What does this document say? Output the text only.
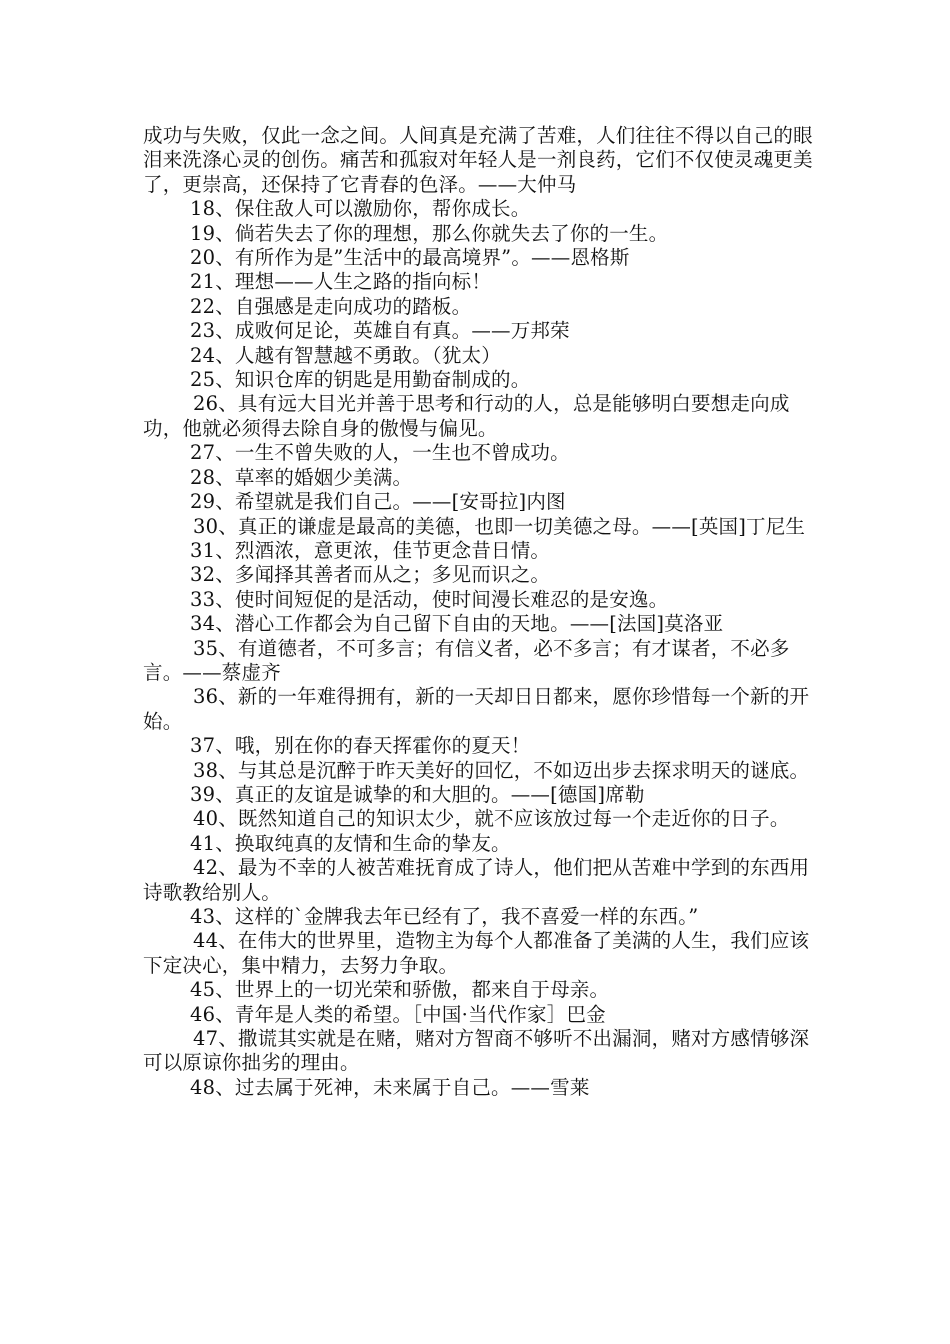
成功与失败，仅此一念之间。人间真是充满了苦难，人们往往不得以自己的眼泪来洗涤心灵的创伤。痛苦和孤寂对年轻人是一剂良药，它们不仅使灵魂更美了，更崇高，还保持了它青春的色泽。——大仲马

18、保住敌人可以激励你，帮你成长。

19、倘若失去了你的理想，那么你就失去了你的一生。

20、有所作为是”生活中的最高境界”。——恩格斯

21、理想——人生之路的指向标！

22、自强感是走向成功的踏板。

23、成败何足论，英雄自有真。——万邦荣

24、人越有智慧越不勇敢。（犹太）

25、知识仓库的钥匙是用勤奋制成的。

26、具有远大目光并善于思考和行动的人，总是能够明白要想走向成功，他就必须得去除自身的傲慢与偏见。

27、一生不曾失败的人，一生也不曾成功。

28、草率的婚姻少美满。

29、希望就是我们自己。——[安哥拉]内图

30、真正的谦虚是最高的美德，也即一切美德之母。——[英国]丁尼生

31、烈酒浓，意更浓，佳节更念昔日情。

32、多闻择其善者而从之；多见而识之。

33、使时间短促的是活动，使时间漫长难忍的是安逸。

34、潜心工作都会为自己留下自由的天地。——[法国]莫洛亚

35、有道德者，不可多言；有信义者，必不多言；有才谋者，不必多言。——蔡虚齐

36、新的一年难得拥有，新的一天却日日都来，愿你珍惜每一个新的开始。

37、哦，别在你的春天挥霍你的夏天！

38、与其总是沉醉于昨天美好的回忆，不如迈出步去探求明天的谜底。

39、真正的友谊是诚挚的和大胆的。——[德国]席勒

40、既然知道自己的知识太少，就不应该放过每一个走近你的日子。

41、换取纯真的友情和生命的挚友。

42、最为不幸的人被苦难抚育成了诗人，他们把从苦难中学到的东西用诗歌教给别人。

43、这样的`金牌我去年已经有了，我不喜爱一样的东西。”

44、在伟大的世界里，造物主为每个人都准备了美满的人生，我们应该下定决心，集中精力，去努力争取。

45、世界上的一切光荣和骄傲，都来自于母亲。

46、青年是人类的希望。［中国·当代作家］巴金

47、撒谎其实就是在赌，赌对方智商不够听不出漏洞，赌对方感情够深可以原谅你拙劣的理由。

48、过去属于死神，未来属于自己。——雪莱
